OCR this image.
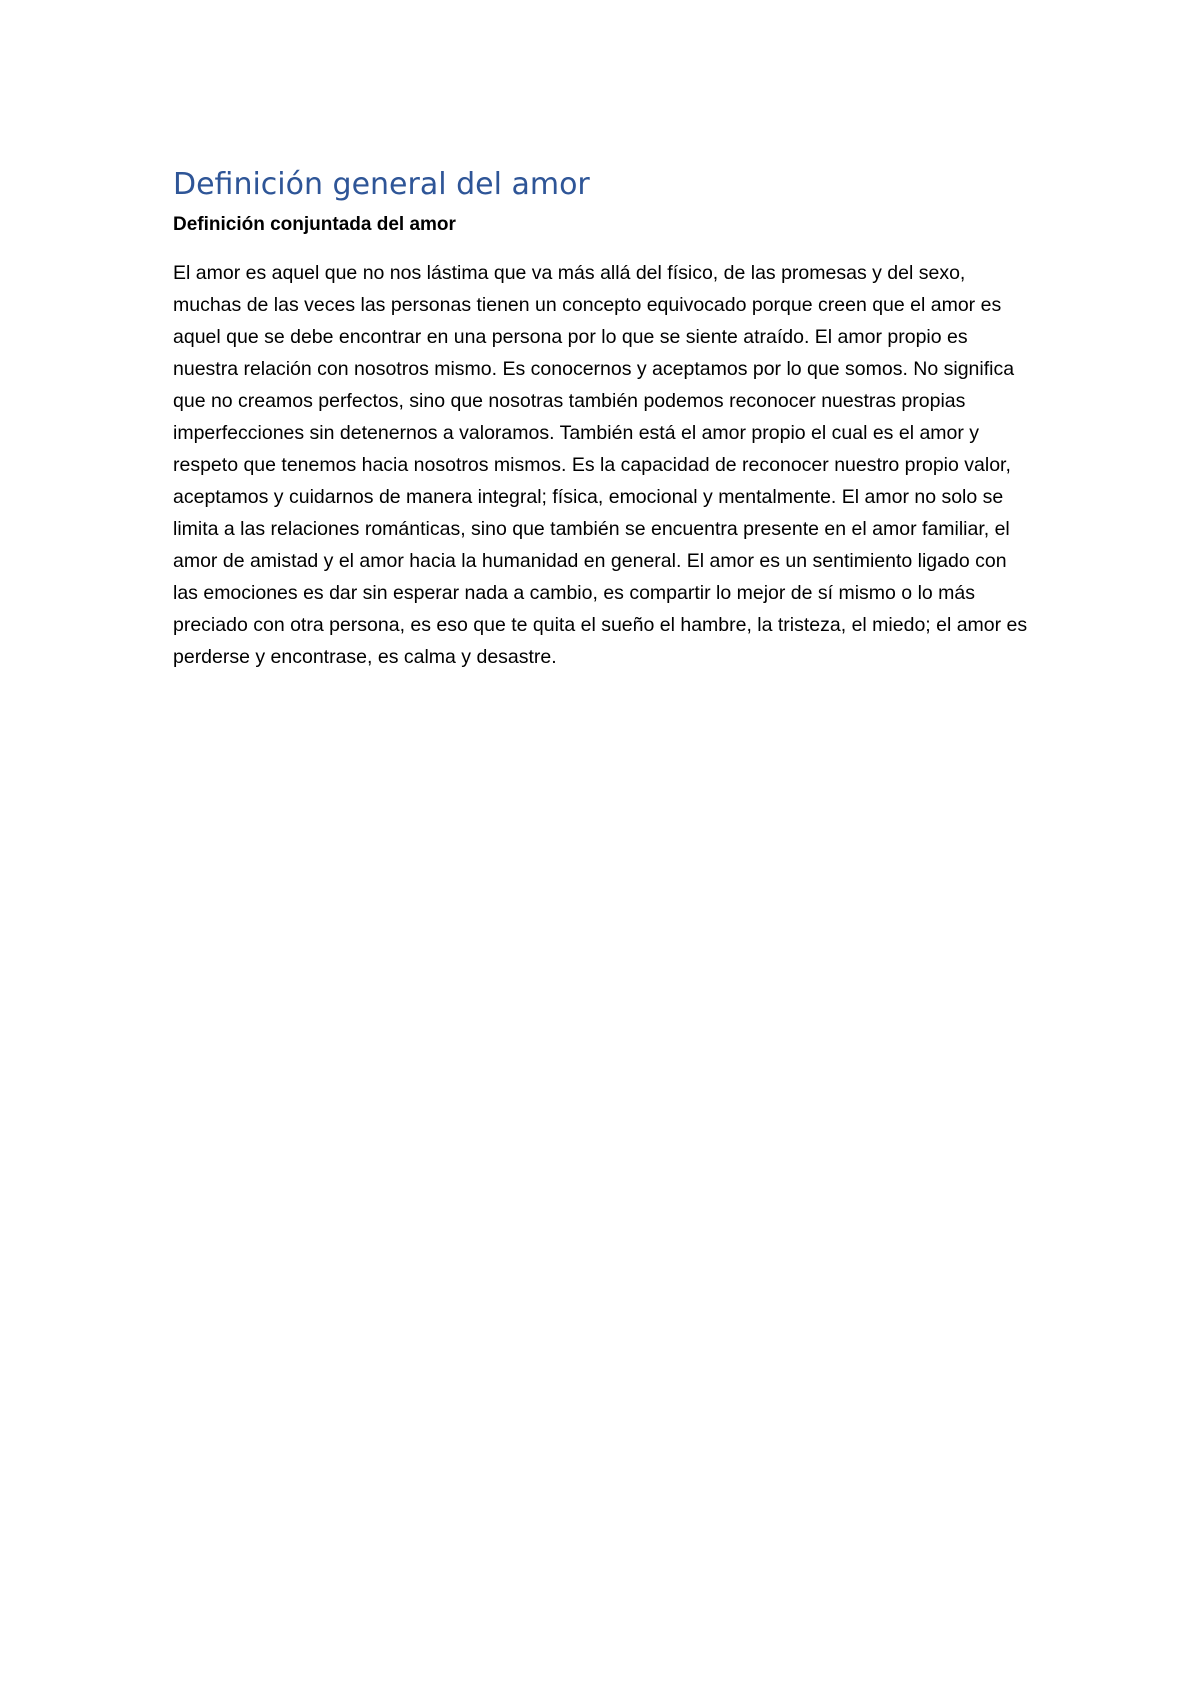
Definición general del amor
Definición conjuntada del amor

El amor es aquel que no nos lástima que va más allá del físico, de las promesas y del sexo, muchas de las veces las personas tienen un concepto equivocado porque creen que el amor es aquel que se debe encontrar en una persona por lo que se siente atraído. El amor propio es nuestra relación con nosotros mismo. Es conocernos y aceptamos por lo que somos. No significa que no creamos perfectos, sino que nosotras también podemos reconocer nuestras propias imperfecciones sin detenernos a valoramos. También está el amor propio el cual es el amor y respeto que tenemos hacia nosotros mismos. Es la capacidad de reconocer nuestro propio valor, aceptamos y cuidarnos de manera integral; física, emocional y mentalmente. El amor no solo se limita a las relaciones románticas, sino que también se encuentra presente en el amor familiar, el amor de amistad y el amor hacia la humanidad en general. El amor es un sentimiento ligado con las emociones es dar sin esperar nada a cambio, es compartir lo mejor de sí mismo o lo más preciado con otra persona, es eso que te quita el sueño el hambre, la tristeza, el miedo; el amor es perderse y encontrase, es calma y desastre.
